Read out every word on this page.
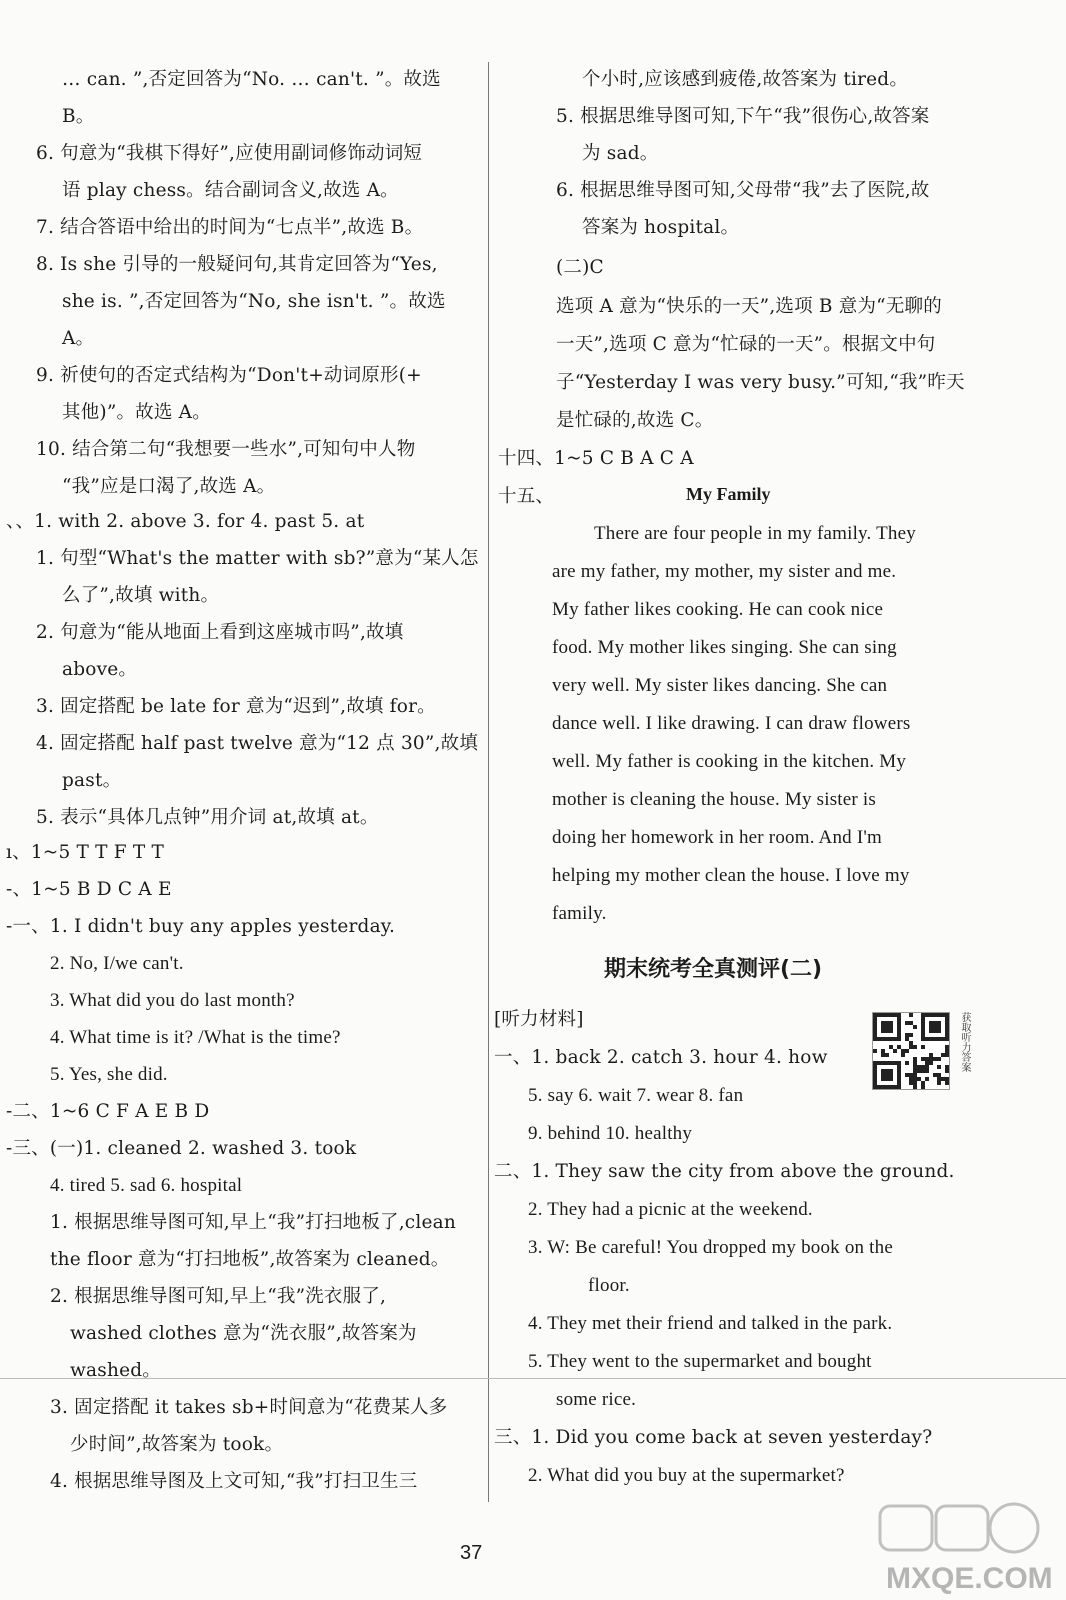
… can. ”,否定回答为“No. … can't. ”。故选
B。
6. 句意为“我棋下得好”,应使用副词修饰动词短
语 play chess。结合副词含义,故选 A。
7. 结合答语中给出的时间为“七点半”,故选 B。
8. Is she 引导的一般疑问句,其肯定回答为“Yes,
she is. ”,否定回答为“No, she isn't. ”。故选
A。
9. 祈使句的否定式结构为“Don't+动词原形(+
其他)”。故选 A。
10. 结合第二句“我想要一些水”,可知句中人物
“我”应是口渴了,故选 A。
、、1. with 2. above 3. for 4. past 5. at
1. 句型“What's the matter with sb?”意为“某人怎
么了”,故填 with。
2. 句意为“能从地面上看到这座城市吗”,故填
above。
3. 固定搭配 be late for 意为“迟到”,故填 for。
4. 固定搭配 half past twelve 意为“12 点 30”,故填
past。
5. 表示“具体几点钟”用介词 at,故填 at。
ı、1~5 T T F T T
-、1~5 B D C A E
-一、1. I didn't buy any apples yesterday.
2. No, I/we can't.
3. What did you do last month?
4. What time is it? /What is the time?
5. Yes, she did.
-二、1~6 C F A E B D
-三、(一)1. cleaned 2. washed 3. took
4. tired 5. sad 6. hospital
1. 根据思维导图可知,早上“我”打扫地板了,clean
the floor 意为“打扫地板”,故答案为 cleaned。
2. 根据思维导图可知,早上“我”洗衣服了,
washed clothes 意为“洗衣服”,故答案为
washed。
3. 固定搭配 it takes sb+时间意为“花费某人多
少时间”,故答案为 took。
4. 根据思维导图及上文可知,“我”打扫卫生三
个小时,应该感到疲倦,故答案为 tired。
5. 根据思维导图可知,下午“我”很伤心,故答案
为 sad。
6. 根据思维导图可知,父母带“我”去了医院,故
答案为 hospital。
(二)C
选项 A 意为“快乐的一天”,选项 B 意为“无聊的
一天”,选项 C 意为“忙碌的一天”。根据文中句
子“Yesterday I was very busy.”可知,“我”昨天
是忙碌的,故选 C。
十四、1~5 C B A C A
十五、
There are four people in my family. They
are my father, my mother, my sister and me.
My father likes cooking. He can cook nice
food. My mother likes singing. She can sing
very well. My sister likes dancing. She can
dance well. I like drawing. I can draw flowers
well. My father is cooking in the kitchen. My
mother is cleaning the house. My sister is
doing her homework in her room. And I'm
helping my mother clean the house. I love my
family.
[听力材料]
一、1. back 2. catch 3. hour 4. how
5. say 6. wait 7. wear 8. fan
9. behind 10. healthy
二、1. They saw the city from above the ground.
2. They had a picnic at the weekend.
3. W: Be careful! You dropped my book on the
floor.
4. They met their friend and talked in the park.
5. They went to the supermarket and bought
some rice.
三、1. Did you come back at seven yesterday?
2. What did you buy at the supermarket?
My Family
期末统考全真测评(二)
获取听力答案
37
MXQE.COM
